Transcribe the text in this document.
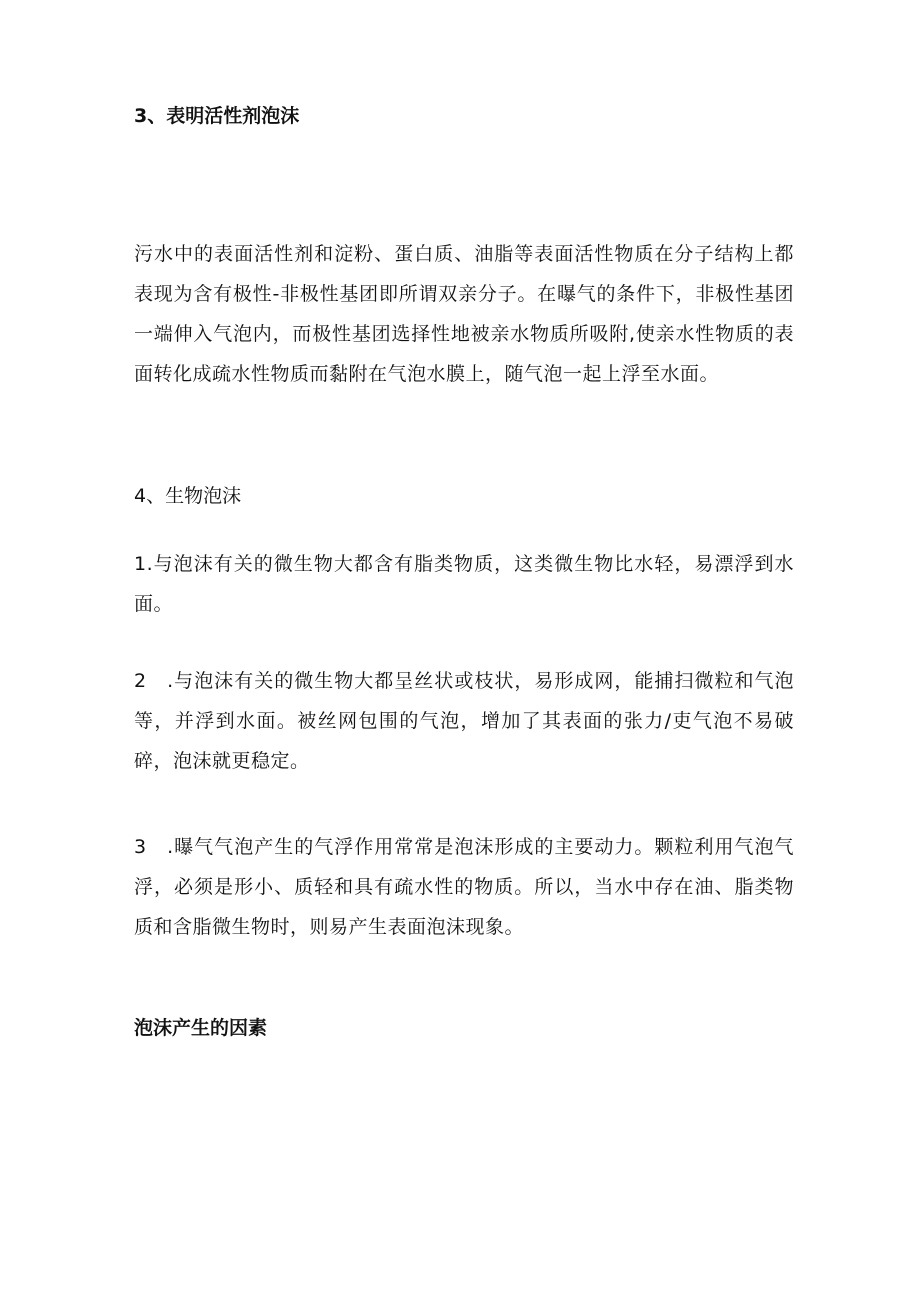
3、表明活性剂泡沫

污水中的表面活性剂和淀粉、蛋白质、油脂等表面活性物质在分子结构上都表现为含有极性-非极性基团即所谓双亲分子。在曝气的条件下，非极性基团一端伸入气泡内，而极性基团选择性地被亲水物质所吸附,使亲水性物质的表面转化成疏水性物质而黏附在气泡水膜上，随气泡一起上浮至水面。

4、生物泡沫

1.与泡沫有关的微生物大都含有脂类物质，这类微生物比水轻，易漂浮到水面。

2　.与泡沫有关的微生物大都呈丝状或枝状，易形成网，能捕扫微粒和气泡等，并浮到水面。被丝网包围的气泡，增加了其表面的张力/吏气泡不易破碎，泡沫就更稳定。

3　.曝气气泡产生的气浮作用常常是泡沫形成的主要动力。颗粒利用气泡气浮，必须是形小、质轻和具有疏水性的物质。所以，当水中存在油、脂类物质和含脂微生物时，则易产生表面泡沫现象。

泡沫产生的因素
